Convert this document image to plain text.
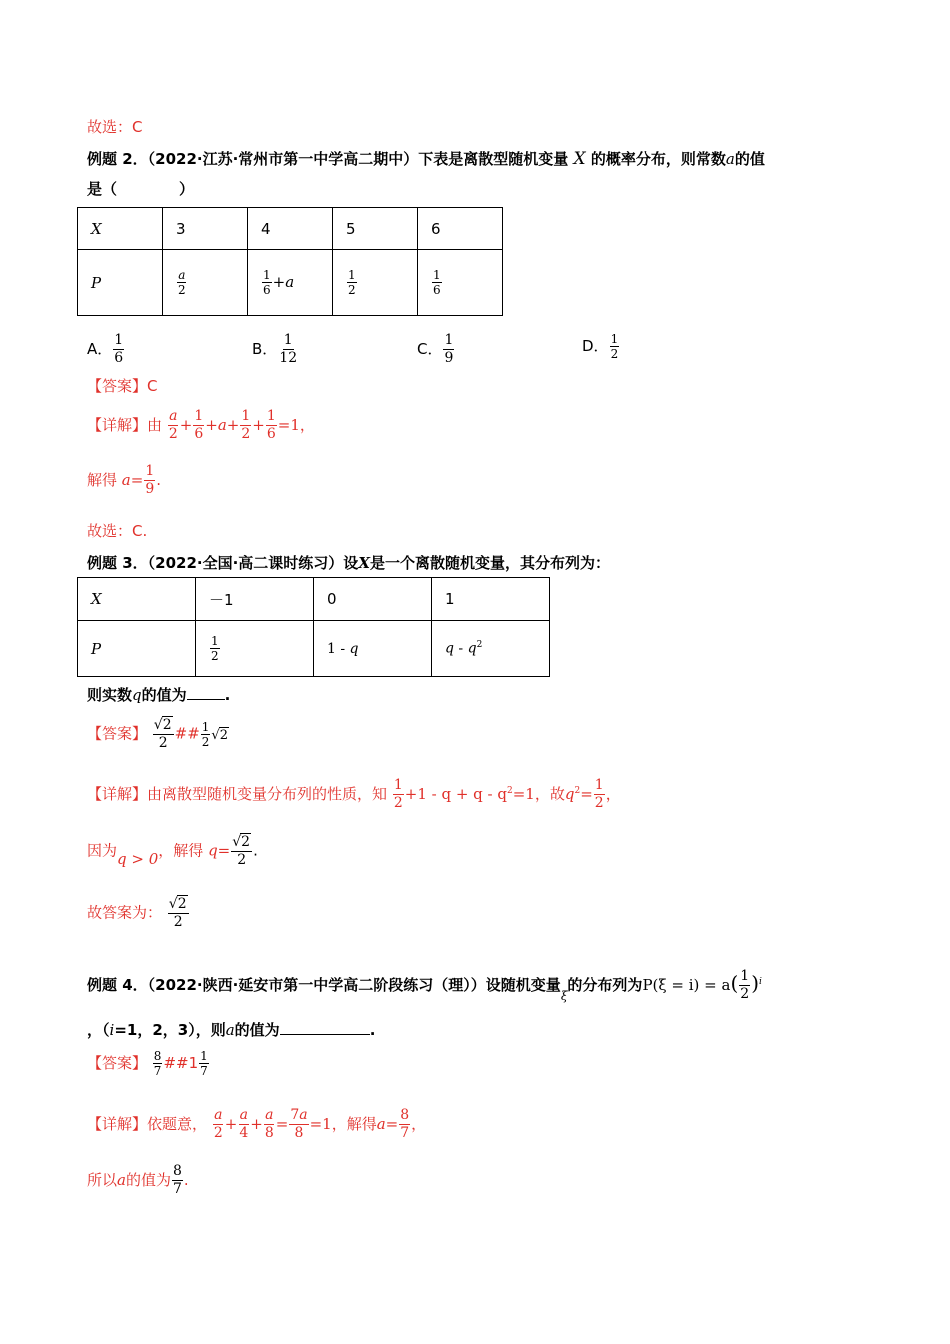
故选：C
例题 2．（2022·江苏·常州市第一中学高二期中）下表是离散型随机变量 X 的概率分布，则常数a的值
是（	）
X	3	4	5	6
P	$\frac{a}{2}$	$\frac{1}{6} +a$	$\frac{1}{2}$	$\frac{1}{6}$
A． $\frac{1}{6}$	B． $\frac{1}{12}$	C． $\frac{1}{9}$	D． $\frac{1}{2}$
【答案】C
【详解】由 $\frac{a}{2} + \frac{1}{6} +a+ \frac{1}{2} + \frac{1}{6} =1$，
解得 $a= \frac{1}{9}$ .
故选：C.
例题 3．（2022·全国·高二课时练习）设X是一个离散随机变量，其分布列为：
X	－1	0	1
P	$\frac{1}{2}$	1 - q	q - $q^2$
则实数q的值为	.
【答案】 $\frac{√2}{2}$ ## $\frac{1}{2} √2$
【详解】由离散型随机变量分布列的性质，知 $\frac{1}{2} +1 - q + q - q^2=1$，故$q^2= \frac{1}{2}$ ，
因为q > 0，解得 $q= \frac{√2}{2}$ .
故答案为： $\frac{√2}{2}$
例题 4．（2022·陕西·延安市第一中学高二阶段练习（理））设随机变量$_\xi$的分布列为$P(\xi = i) = a( \frac{1}{2} )^i$
，（i=1，2，3），则a的值为	.
【答案】 $\frac{8}{7}$ ##1 $\frac{1}{7}$
【详解】依题意， $\frac{a}{2} + \frac{a}{4} + \frac{a}{8} = \frac{7a}{8} =1$，解得$a= \frac{8}{7}$ ，
所以a的值为 $\frac{8}{7}$ .
